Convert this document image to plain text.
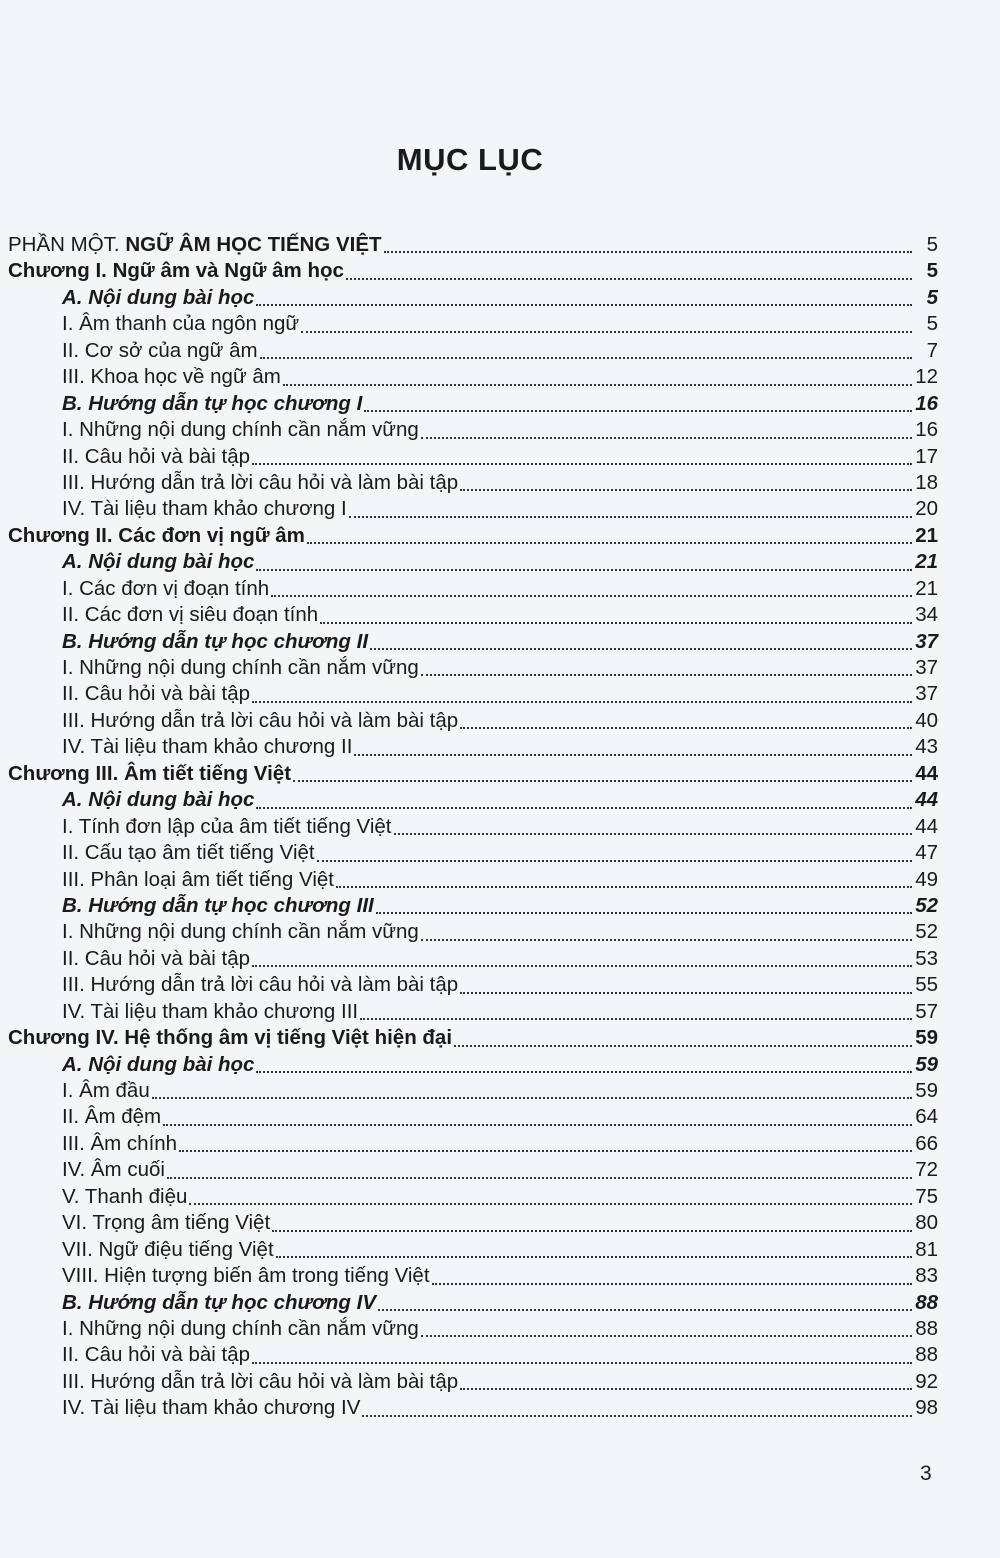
MỤC LỤC
PHẦN MỘT. NGỮ ÂM HỌC TIẾNG VIỆT	5
Chương I. Ngữ âm và Ngữ âm học	5
A. Nội dung bài học	5
I. Âm thanh của ngôn ngữ	5
II. Cơ sở của ngữ âm	7
III. Khoa học về ngữ âm	12
B. Hướng dẫn tự học chương I	16
I. Những nội dung chính cần nắm vững	16
II. Câu hỏi và bài tập	17
III. Hướng dẫn trả lời câu hỏi và làm bài tập	18
IV. Tài liệu tham khảo chương I	20
Chương II. Các đơn vị ngữ âm	21
A. Nội dung bài học	21
I. Các đơn vị đoạn tính	21
II. Các đơn vị siêu đoạn tính	34
B. Hướng dẫn tự học chương II	37
I. Những nội dung chính cần nắm vững	37
II. Câu hỏi và bài tập	37
III. Hướng dẫn trả lời câu hỏi và làm bài tập	40
IV. Tài liệu tham khảo chương II	43
Chương III. Âm tiết tiếng Việt	44
A. Nội dung bài học	44
I. Tính đơn lập của âm tiết tiếng Việt	44
II. Cấu tạo âm tiết tiếng Việt	47
III. Phân loại âm tiết tiếng Việt	49
B. Hướng dẫn tự học chương III	52
I. Những nội dung chính cần nắm vững	52
II. Câu hỏi và bài tập	53
III. Hướng dẫn trả lời câu hỏi và làm bài tập	55
IV. Tài liệu tham khảo chương III	57
Chương IV. Hệ thống âm vị tiếng Việt hiện đại	59
A. Nội dung bài học	59
I. Âm đầu	59
II. Âm đệm	64
III. Âm chính	66
IV. Âm cuối	72
V. Thanh điệu	75
VI. Trọng âm tiếng Việt	80
VII. Ngữ điệu tiếng Việt	81
VIII. Hiện tượng biến âm trong tiếng Việt	83
B. Hướng dẫn tự học chương IV	88
I. Những nội dung chính cần nắm vững	88
II. Câu hỏi và bài tập	88
III. Hướng dẫn trả lời câu hỏi và làm bài tập	92
IV. Tài liệu tham khảo chương IV	98
3
